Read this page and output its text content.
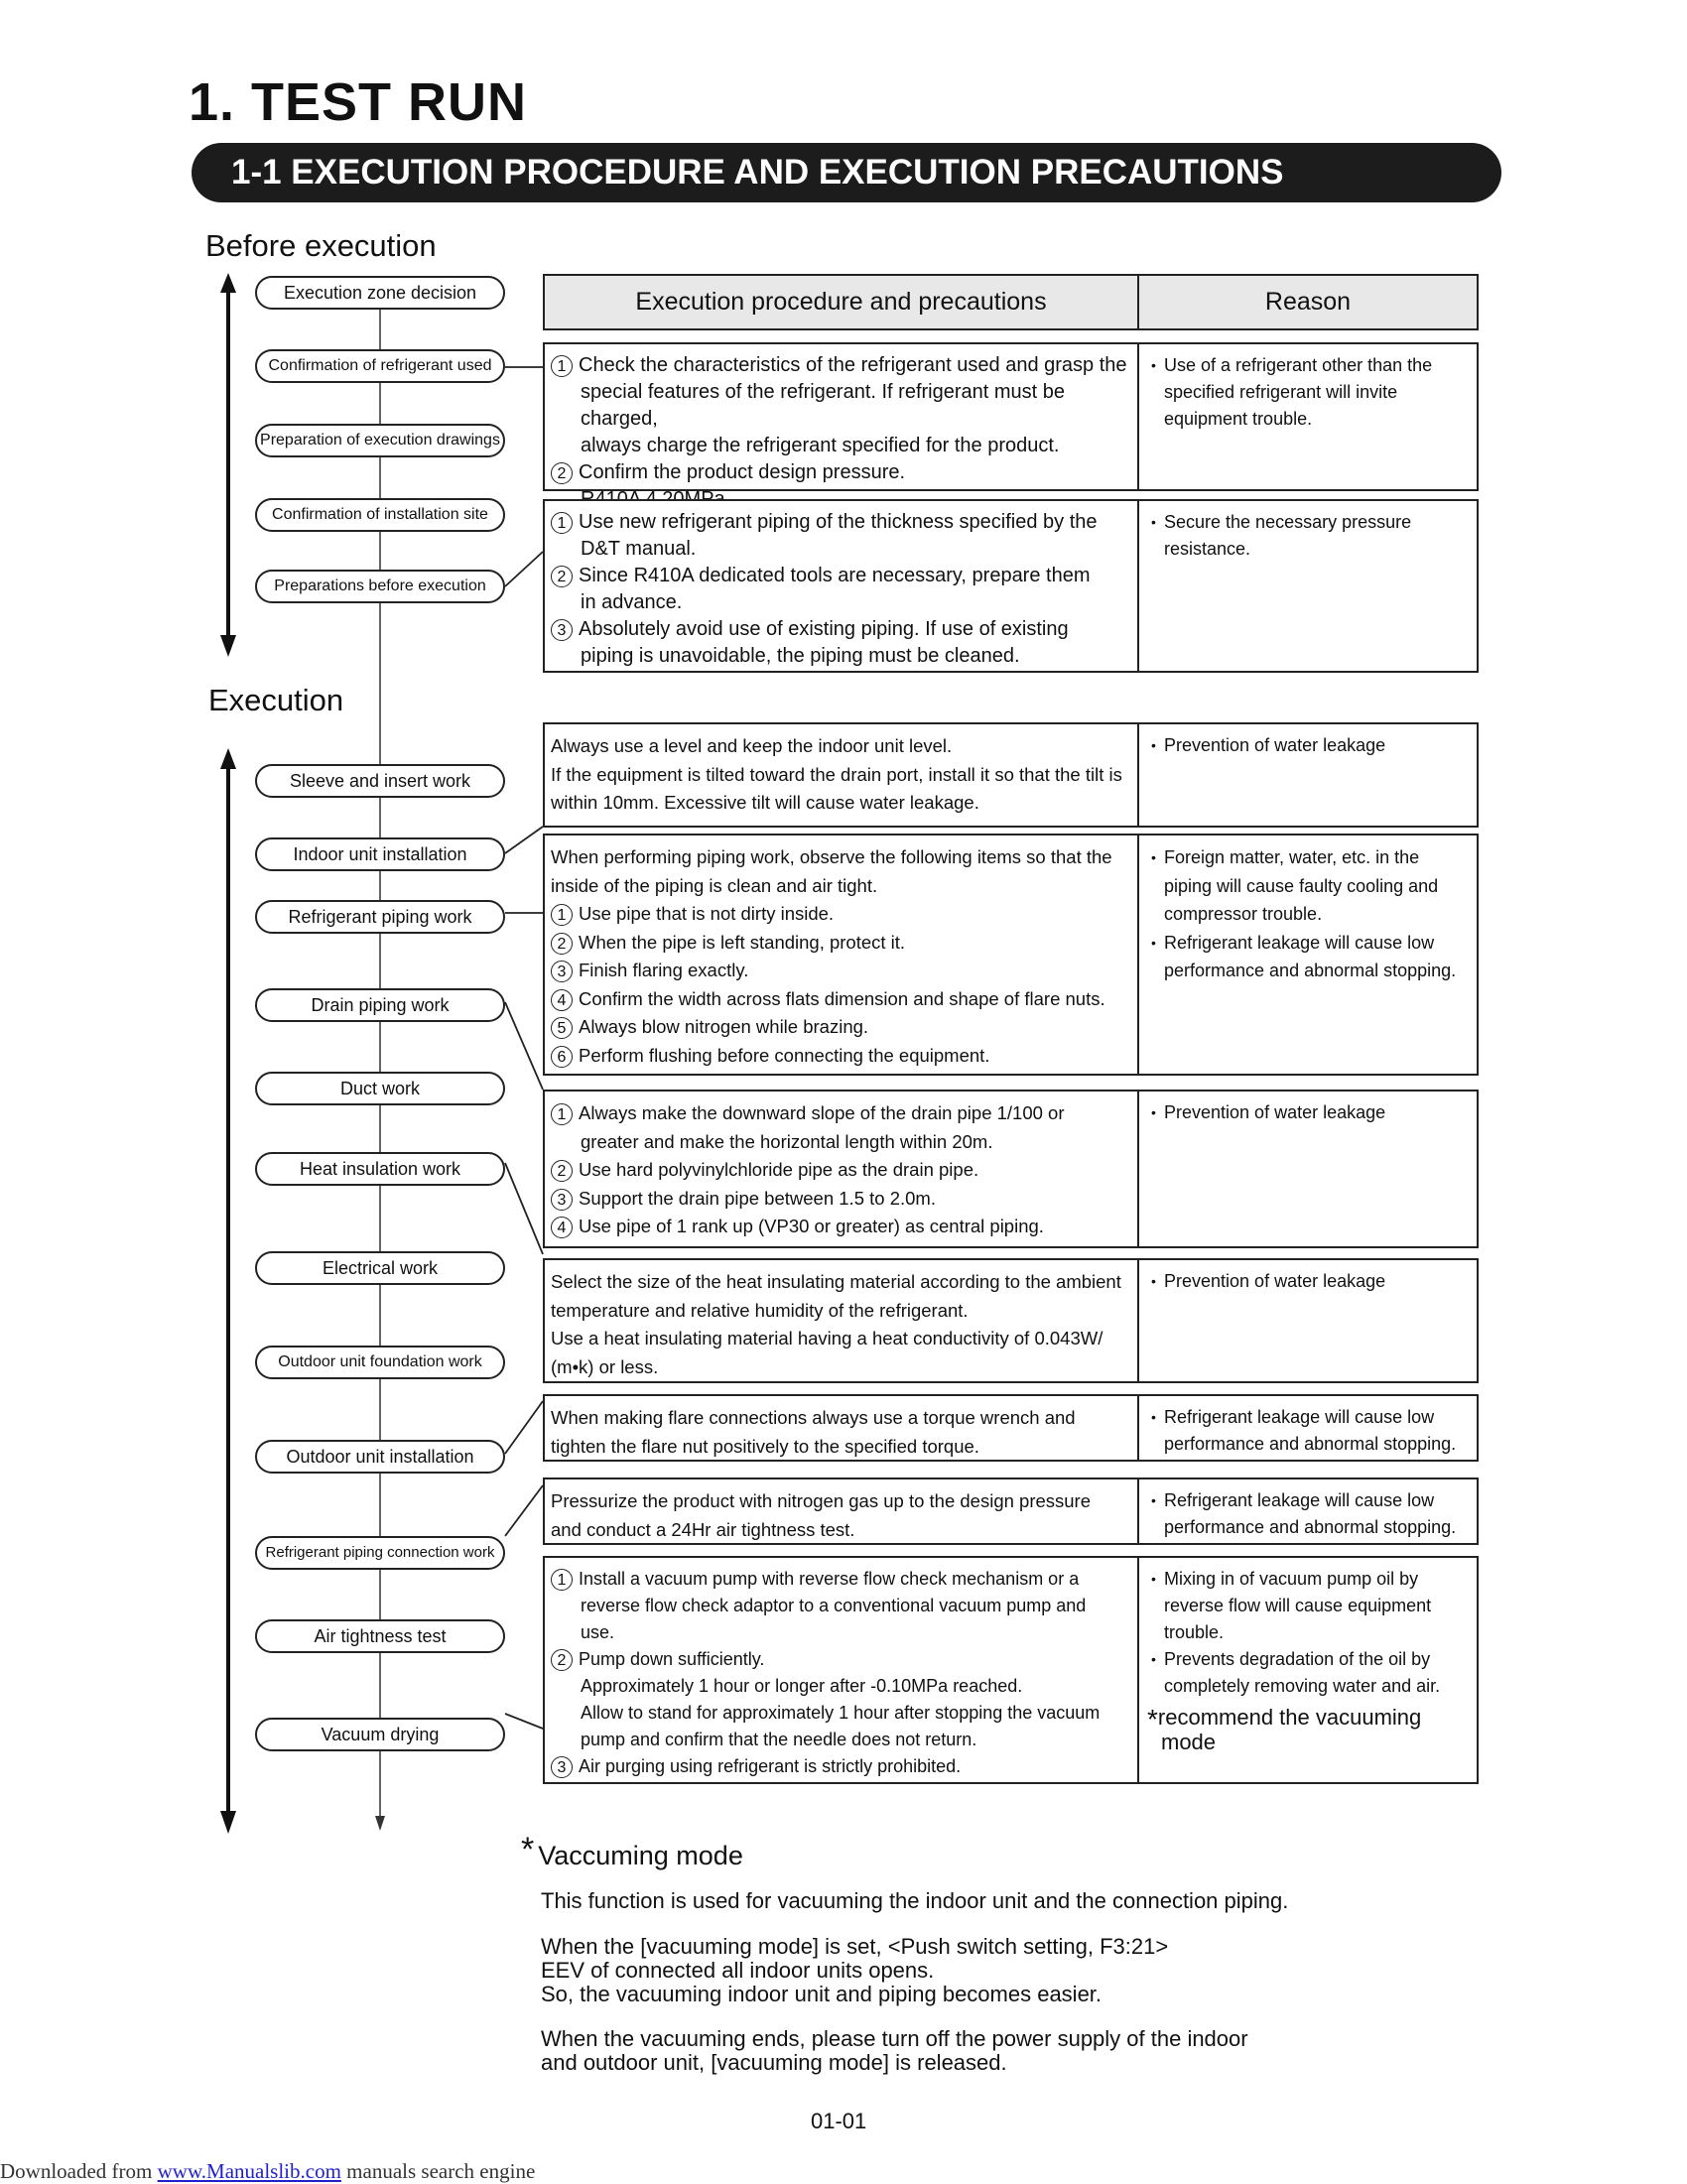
1. TEST RUN
1-1 EXECUTION PROCEDURE AND EXECUTION PRECAUTIONS
Before execution
Execution
Execution zone decision
Confirmation of refrigerant used
Preparation of execution drawings
Confirmation of installation site
Preparations before execution
Sleeve and insert work
Indoor unit installation
Refrigerant piping work
Drain piping work
Duct work
Heat insulation work
Electrical work
Outdoor unit foundation work
Outdoor unit installation
Refrigerant piping connection work
Air tightness test
Vacuum drying
Execution procedure and precautions	Reason
1 Check the characteristics of the refrigerant used and grasp the
special features of the refrigerant. If refrigerant must be charged,
always charge the refrigerant specified for the product.
2 Confirm the product design pressure.
• Use of a refrigerant other than the
specified refrigerant will invite
equipment trouble.
1 Use new refrigerant piping of the thickness specified by the
D&T manual.
2 Since R410A dedicated tools are necessary, prepare them
in advance.
3 Absolutely avoid use of existing piping. If use of existing
piping is unavoidable, the piping must be cleaned.
• Secure the necessary pressure
resistance.
Always use a level and keep the indoor unit level.
If the equipment is tilted toward the drain port, install it so that the tilt is
within 10mm. Excessive tilt will cause water leakage.
• Prevention of water leakage
When performing piping work, observe the following items so that the
inside of the piping is clean and air tight.
1 Use pipe that is not dirty inside.
2 When the pipe is left standing, protect it.
3 Finish flaring exactly.
4 Confirm the width across flats dimension and shape of flare nuts.
5 Always blow nitrogen while brazing.
6 Perform flushing before connecting the equipment.
• Foreign matter, water, etc. in the
piping will cause faulty cooling and
compressor trouble.
• Refrigerant leakage will cause low
performance and abnormal stopping.
1 Always make the downward slope of the drain pipe 1/100 or
greater and make the horizontal length within 20m.
2 Use hard polyvinylchloride pipe as the drain pipe.
3 Support the drain pipe between 1.5 to 2.0m.
4 Use pipe of 1 rank up (VP30 or greater) as central piping.
• Prevention of water leakage
Select the size of the heat insulating material according to the ambient
temperature and relative humidity of the refrigerant.
Use a heat insulating material having a heat conductivity of 0.043W/
(m•k) or less.
• Prevention of water leakage
When making flare connections always use a torque wrench and
tighten the flare nut positively to the specified torque.
• Refrigerant leakage will cause low
performance and abnormal stopping.
Pressurize the product with nitrogen gas up to the design pressure
and conduct a 24Hr air tightness test.
• Refrigerant leakage will cause low
performance and abnormal stopping.
1 Install a vacuum pump with reverse flow check mechanism or a
reverse flow check adaptor to a conventional vacuum pump and
use.
2 Pump down sufficiently.
Approximately 1 hour or longer after -0.10MPa reached.
Allow to stand for approximately 1 hour after stopping the vacuum
pump and confirm that the needle does not return.
3 Air purging using refrigerant is strictly prohibited.
• Mixing in of vacuum pump oil by
reverse flow will cause equipment
trouble.
• Prevents degradation of the oil by
completely removing water and air.
*recommend the vacuuming
mode
* Vaccuming mode
This function is used for vacuuming the indoor unit and the connection piping.
When the [vacuuming mode] is set, <Push switch setting, F3:21>
EEV of connected all indoor units opens.
So, the vacuuming indoor unit and piping becomes easier.
When the vacuuming ends, please turn off the power supply of the indoor
and outdoor unit, [vacuuming mode] is released.
01-01
Downloaded from www.Manualslib.com manuals search engine
